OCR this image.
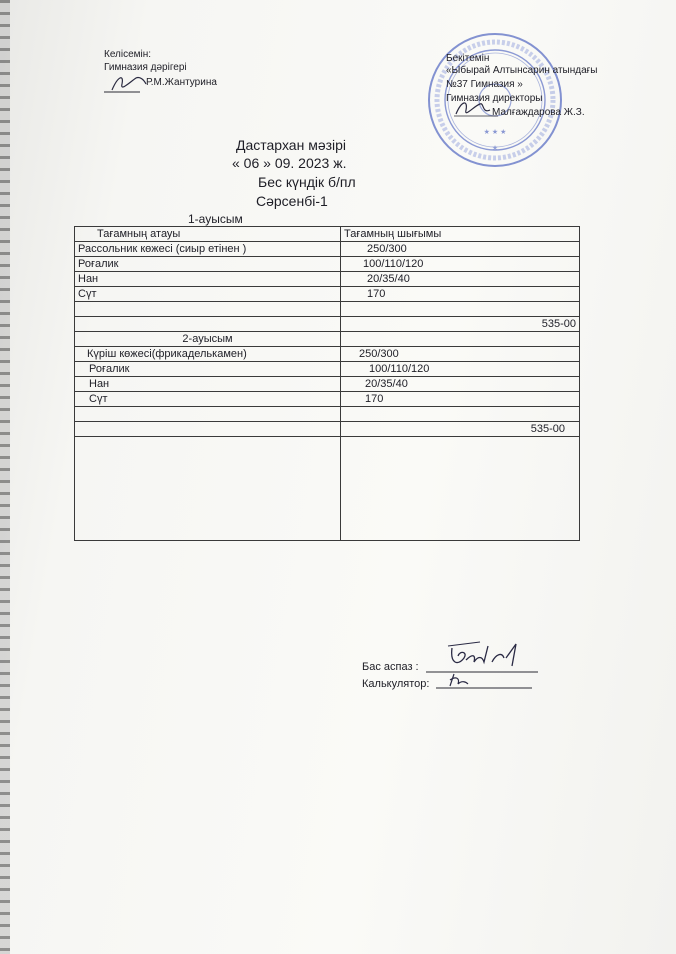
Келісемін:
Гимназия дәрігері
Р.М.Жантурина
★ ★ ★
★
Бекітемін
«Ыбырай Алтынсарин атындағы
№37 Гимназия »
Гимназия директоры
Малғаждарова Ж.З.
Дастархан мәзірі
« 06 » 09. 2023 ж.
Бес күндік б/пл
Сәрсенбі-1
1-ауысым
Тағамның атауы	Тағамның шығымы
Рассольник көжесі (сиыр етінен )	250/300
Роғалик	100/110/120
Нан	20/35/40
Сүт	170

	535-00
2-ауысым	
Күріш көжесі(фрикаделькамен)	250/300
Роғалик	100/110/120
Нан	20/35/40
Сүт	170

	535-00

Бас аспаз :
Калькулятор:
